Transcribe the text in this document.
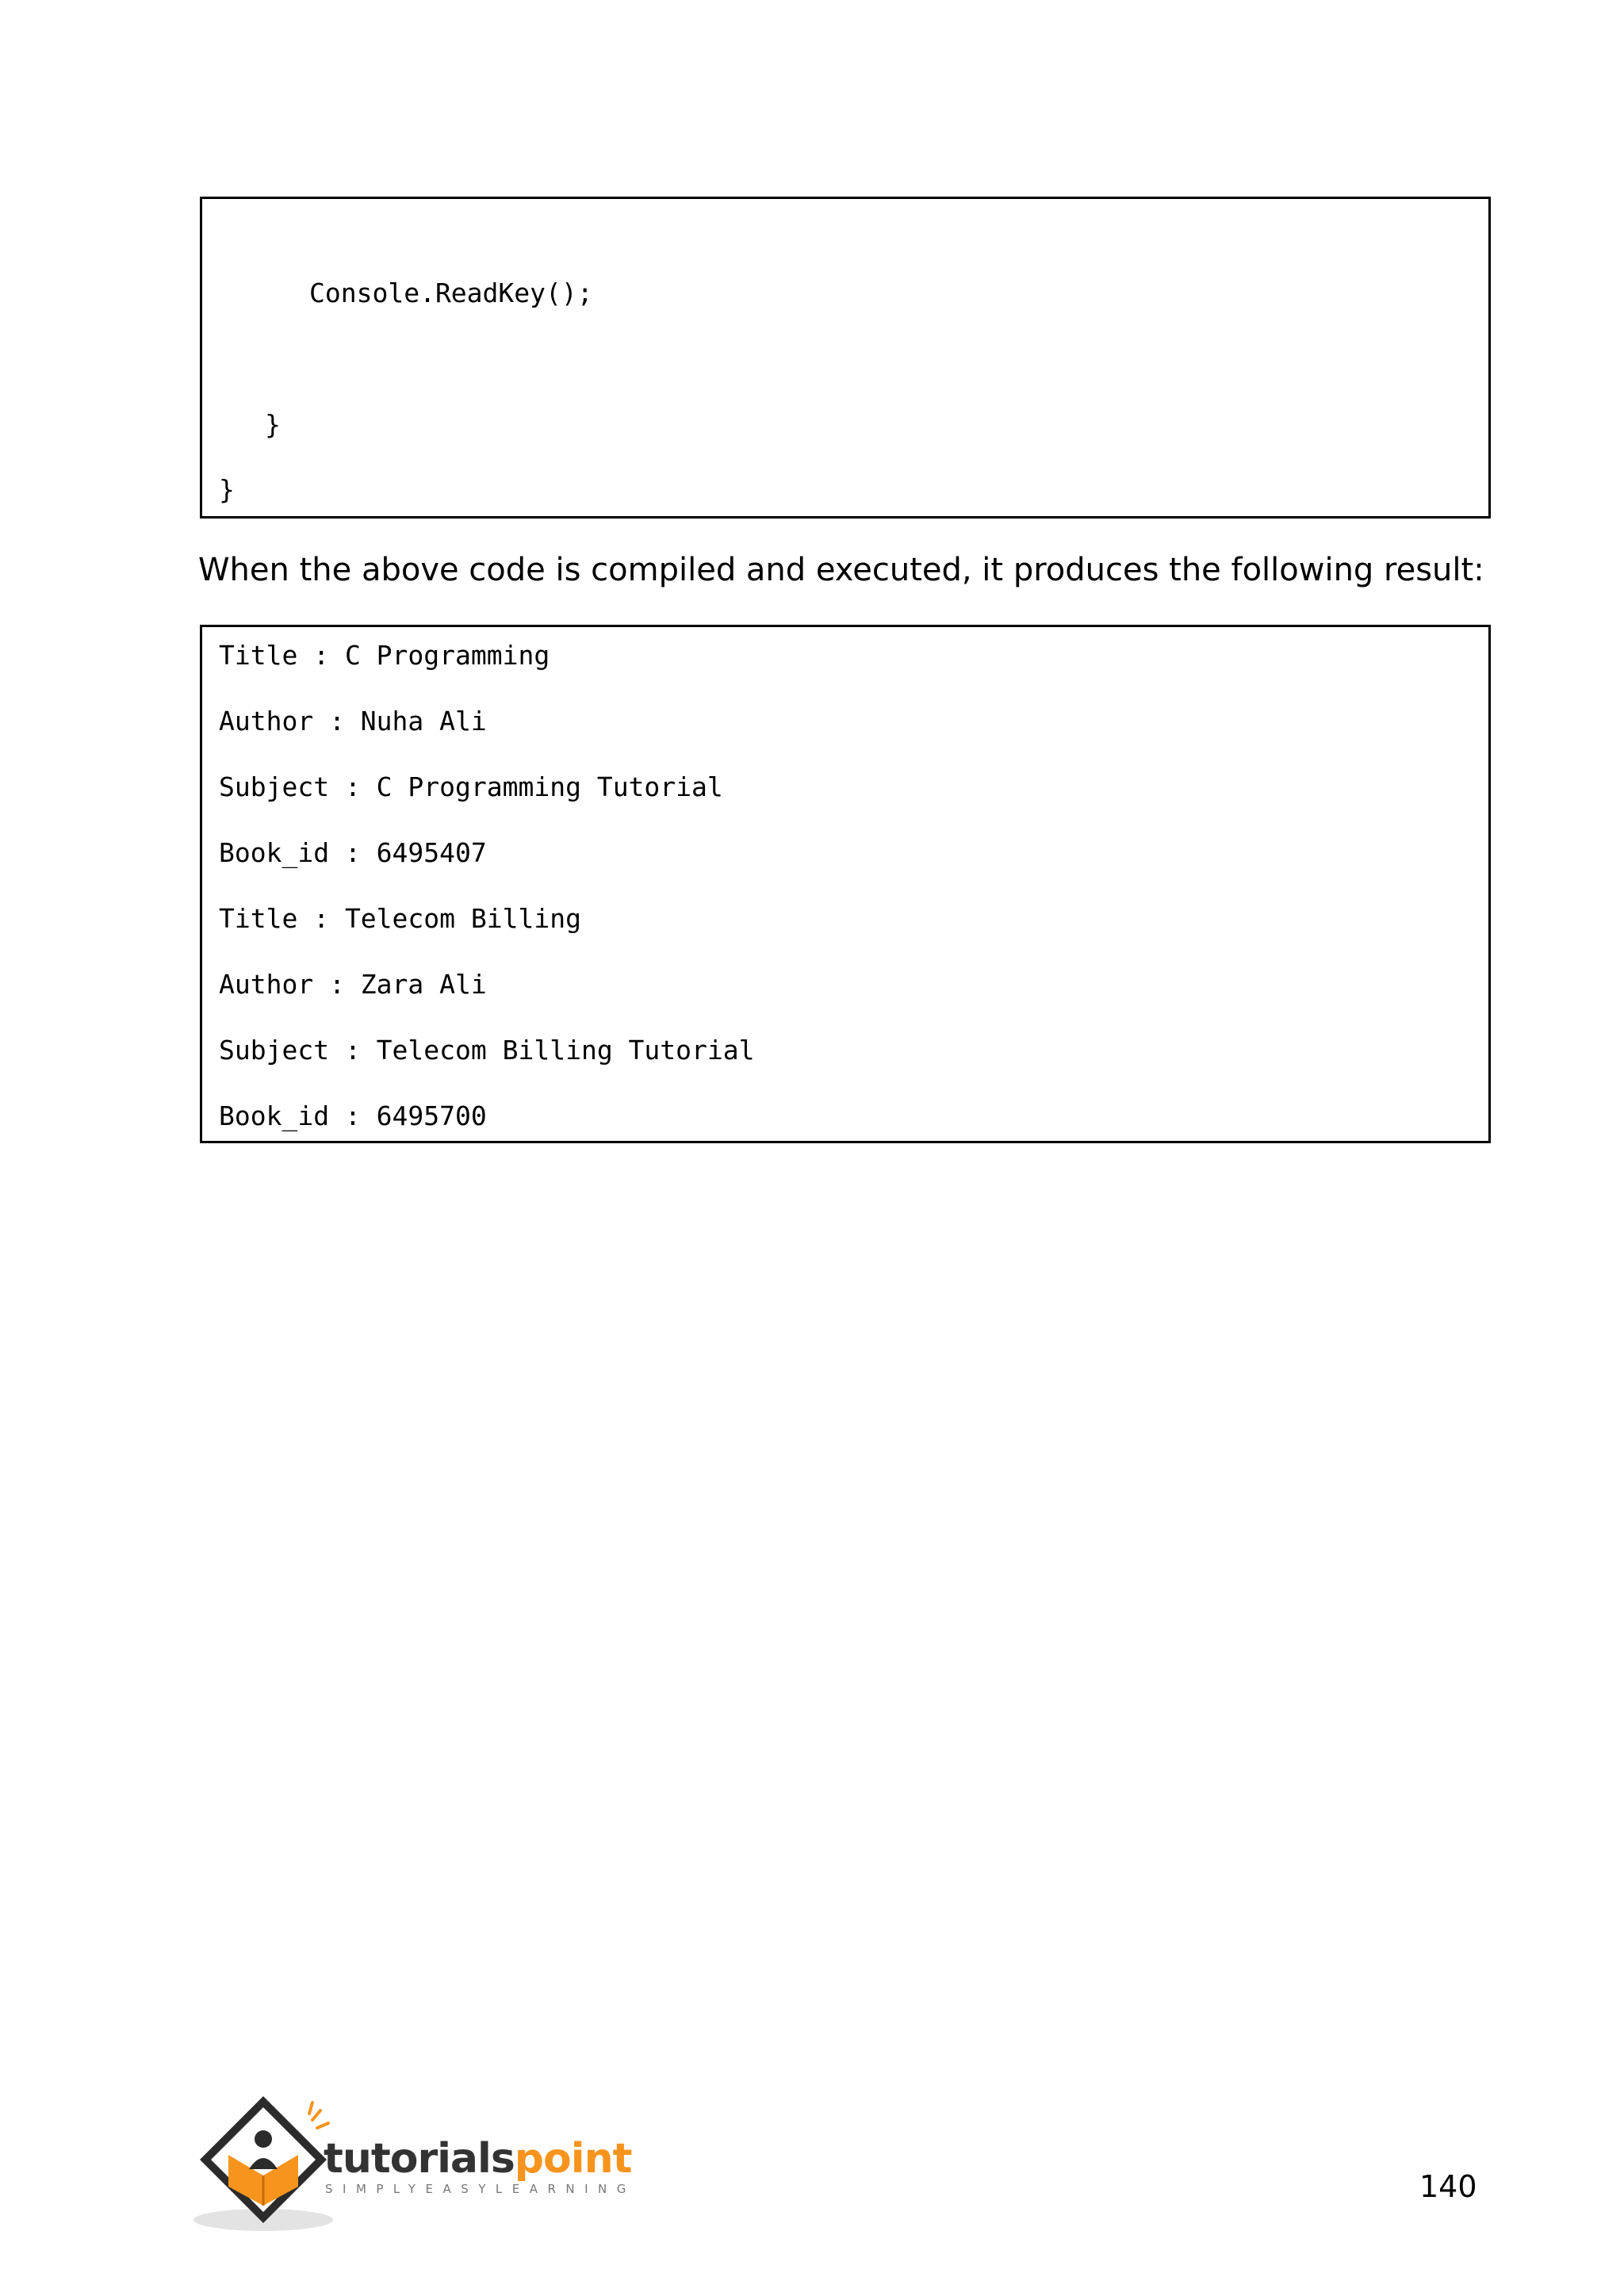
Console.ReadKey();
}
}
When the above code is compiled and executed, it produces the following result:
Title : C Programming
Author : Nuha Ali
Subject : C Programming Tutorial
Book_id : 6495407
Title : Telecom Billing
Author : Zara Ali
Subject : Telecom Billing Tutorial
Book_id : 6495700
tutorialspoint
SIMPLYEASYLEARNING	140
